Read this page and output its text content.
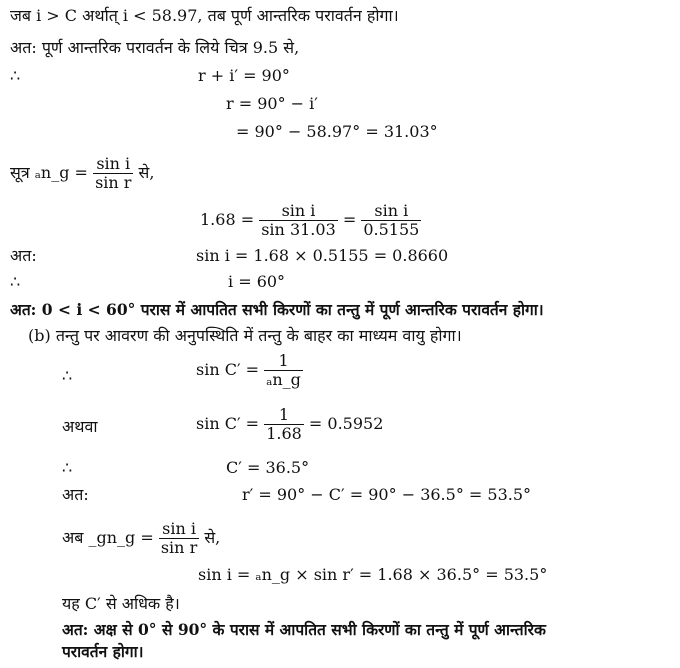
जब i > C अर्थात् i < 58.97, तब पूर्ण आन्तरिक परावर्तन होगा।
अत: पूर्ण आन्तरिक परावर्तन के लिये चित्र 9.5 से,
∴	r + i′ = 90°
r = 90° − i′
= 90° − 58.97° = 31.03°
सूत्र ₐn_g = $\frac{\text{sin i}}{\text{sin r}}$ से,
$1.68 = \frac{\text{sin i}}{\sin 31.03} = \frac{\text{sin i}}{0.5155}$
अत:	sin i = 1.68 × 0.5155 = 0.8660
∴	i = 60°
अत: 0 < i < 60° परास में आपतित सभी किरणों का तन्तु में पूर्ण आन्तरिक परावर्तन होगा।
(b) तन्तु पर आवरण की अनुपस्थिति में तन्तु के बाहर का माध्यम वायु होगा।
∴	$\sin C' = \frac{1}{\text{ₐn\_g}}$
अथवा	$\sin C' = \frac{1}{1.68} = 0.5952$
∴	C′ = 36.5°
अत:	r′ = 90° − C′ = 90° − 36.5° = 53.5°
अब _gn_g = $\frac{\text{sin i}}{\text{sin r}}$ से,
sin i = ₐn_g × sin r′ = 1.68 × 36.5° = 53.5°
यह C′ से अधिक है।
अत: अक्ष से 0° से 90° के परास में आपतित सभी किरणों का तन्तु में पूर्ण आन्तरिक
परावर्तन होगा।
